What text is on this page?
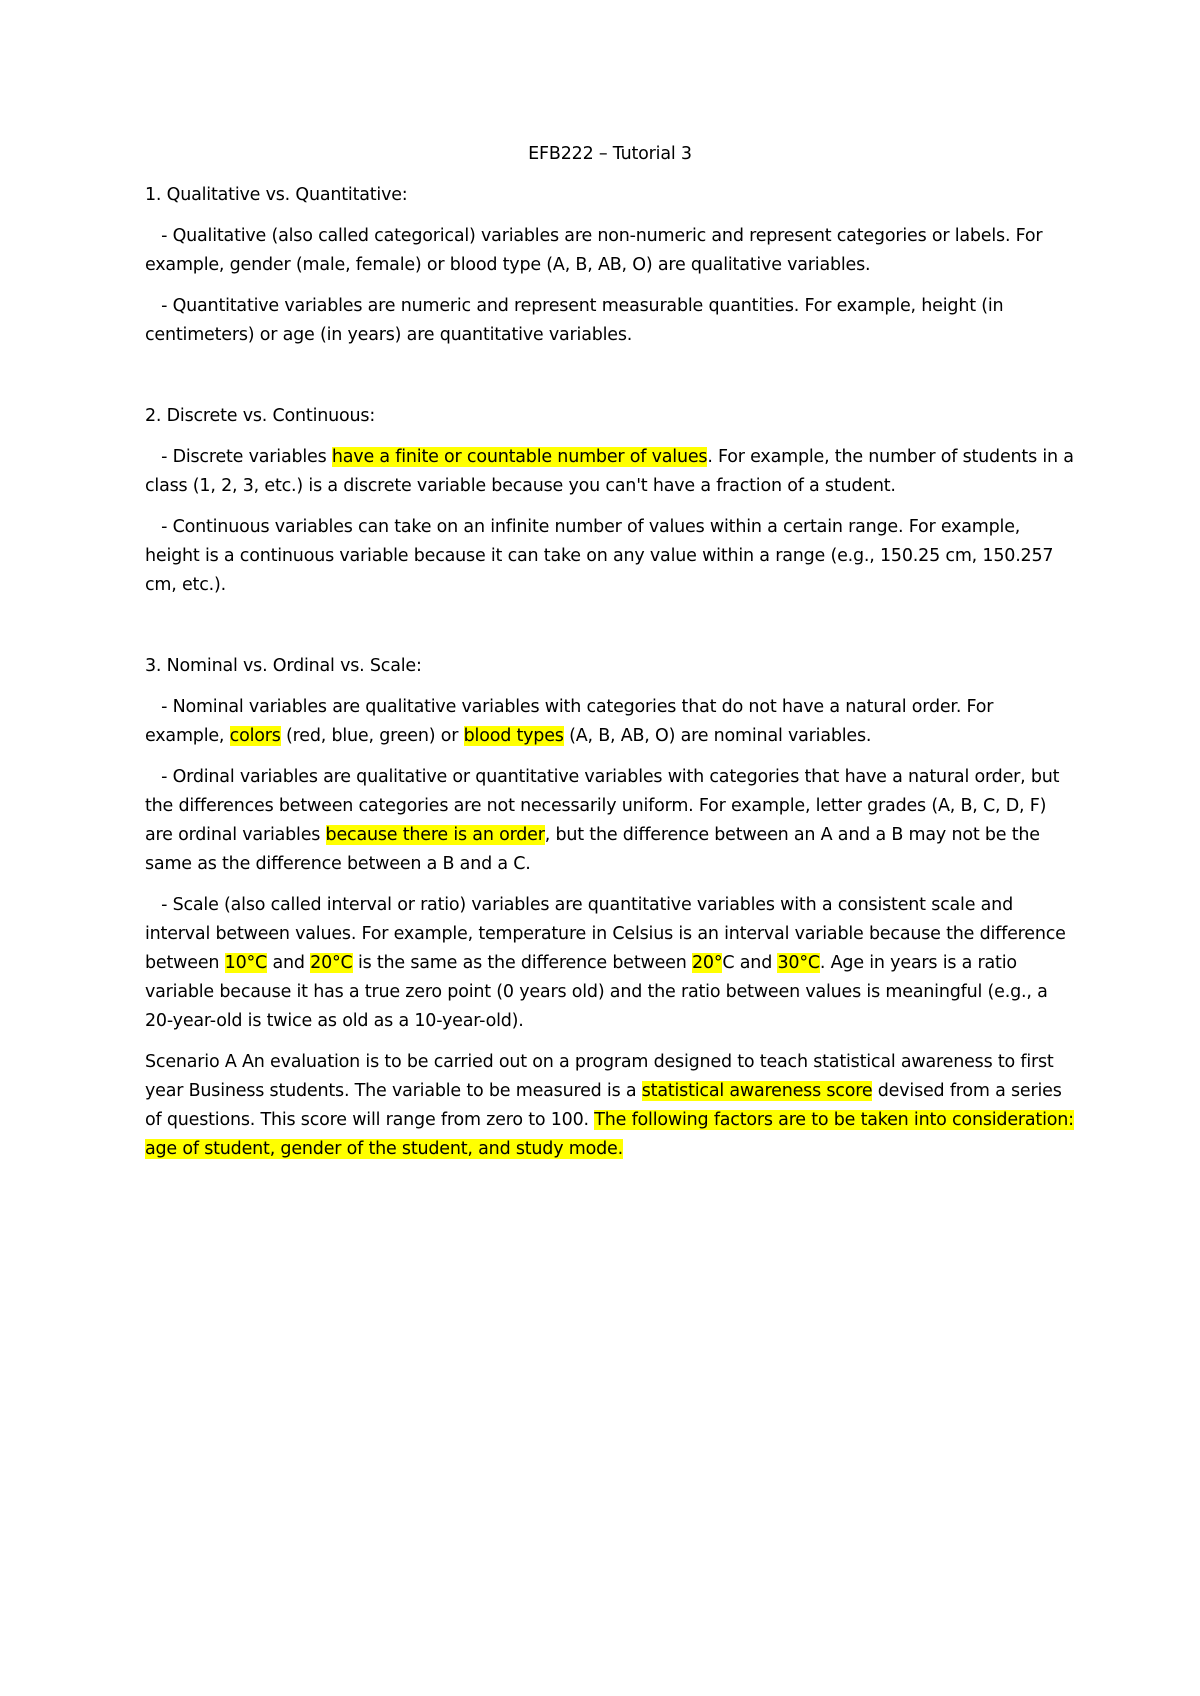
EFB222 – Tutorial 3

1. Qualitative vs. Quantitative:

- Qualitative (also called categorical) variables are non-numeric and represent categories or labels. For example, gender (male, female) or blood type (A, B, AB, O) are qualitative variables.

- Quantitative variables are numeric and represent measurable quantities. For example, height (in centimeters) or age (in years) are quantitative variables.

2. Discrete vs. Continuous:

- Discrete variables have a finite or countable number of values. For example, the number of students in a class (1, 2, 3, etc.) is a discrete variable because you can't have a fraction of a student.

- Continuous variables can take on an infinite number of values within a certain range. For example, height is a continuous variable because it can take on any value within a range (e.g., 150.25 cm, 150.257 cm, etc.).

3. Nominal vs. Ordinal vs. Scale:

- Nominal variables are qualitative variables with categories that do not have a natural order. For example, colors (red, blue, green) or blood types (A, B, AB, O) are nominal variables.

- Ordinal variables are qualitative or quantitative variables with categories that have a natural order, but the differences between categories are not necessarily uniform. For example, letter grades (A, B, C, D, F) are ordinal variables because there is an order, but the difference between an A and a B may not be the same as the difference between a B and a C.

- Scale (also called interval or ratio) variables are quantitative variables with a consistent scale and interval between values. For example, temperature in Celsius is an interval variable because the difference between 10°C and 20°C is the same as the difference between 20°C and 30°C. Age in years is a ratio variable because it has a true zero point (0 years old) and the ratio between values is meaningful (e.g., a 20-year-old is twice as old as a 10-year-old).

Scenario A An evaluation is to be carried out on a program designed to teach statistical awareness to first year Business students. The variable to be measured is a statistical awareness score devised from a series of questions. This score will range from zero to 100. The following factors are to be taken into consideration: age of student, gender of the student, and study mode.
